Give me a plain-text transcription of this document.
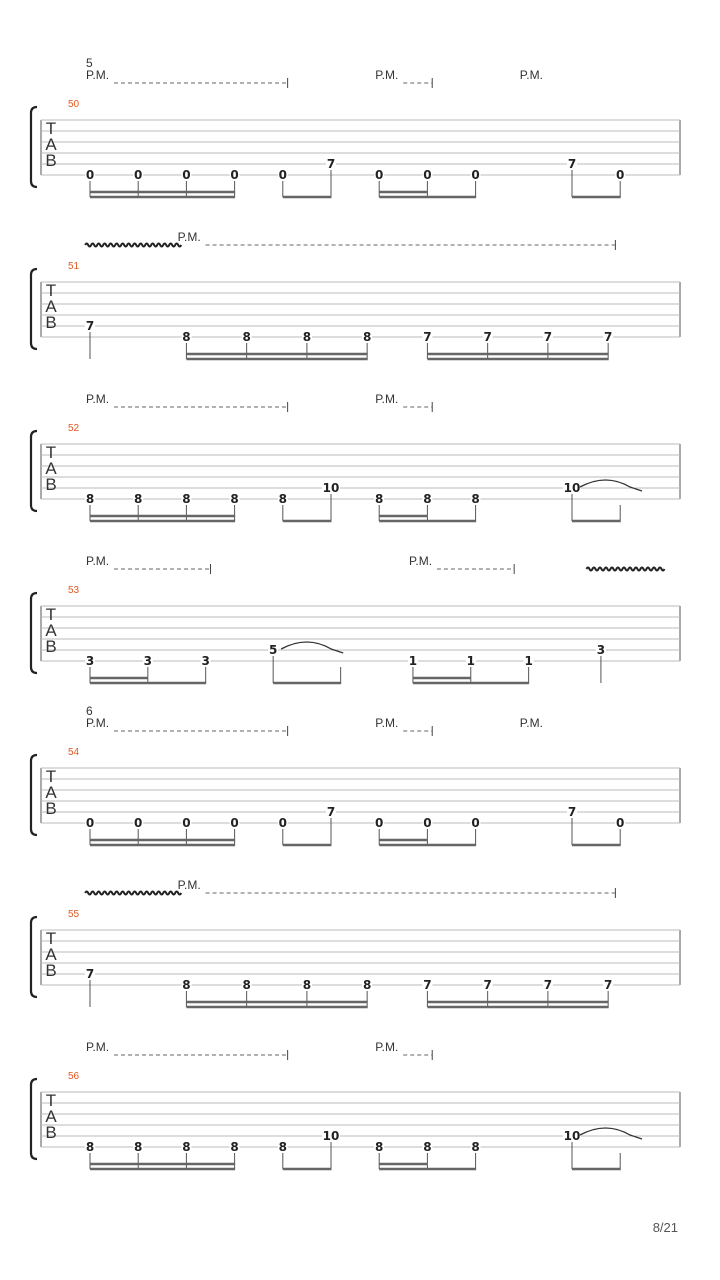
T
A
B
50
5
P.M.	P.M.	P.M.
0	0	0	0	0
7
0	0	0
7
0
T
A
B
51
P.M.
7
8	8	8	8	7	7	7	7
T
A
B
52
P.M.	P.M.
8	8	8	8	8
10
8	8	8
10
T
A
B
53
P.M.	P.M.
3	3	3
5
1	1	1
3
T
A
B
54
6
P.M.	P.M.	P.M.
0	0	0	0	0
7
0	0	0
7
0
T
A
B
55
P.M.
7
8	8	8	8	7	7	7	7
T
A
B
56
P.M.	P.M.
8	8	8	8	8
10
8	8	8
10
8/21
